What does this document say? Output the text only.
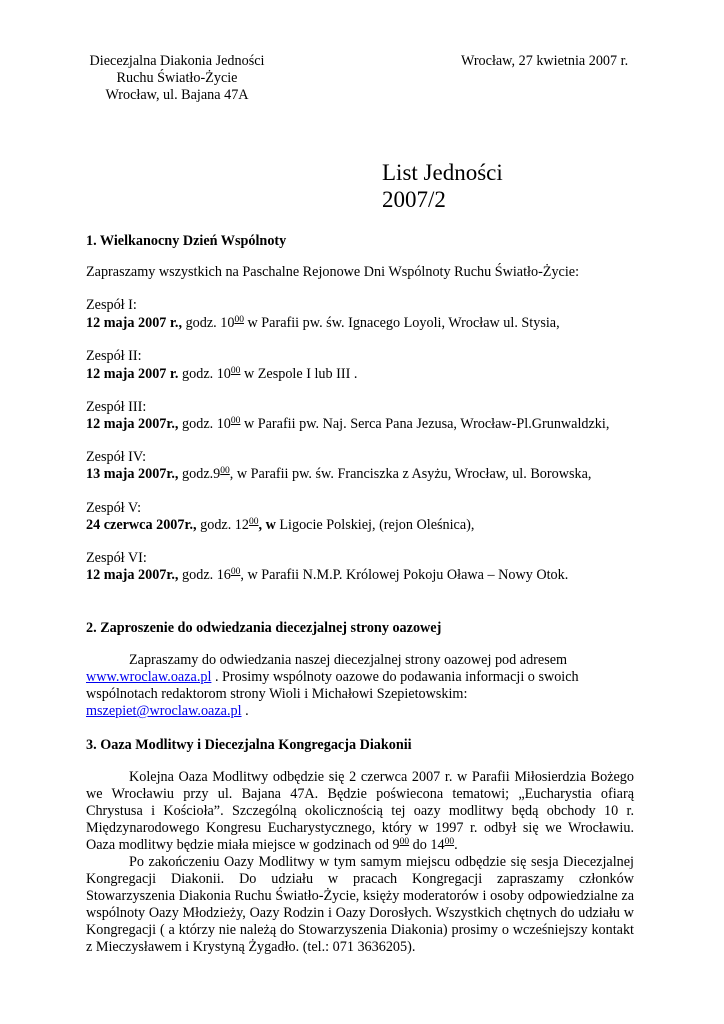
Diecezjalna Diakonia Jedności
Ruchu Światło-Życie
Wrocław, ul. Bajana 47A
Wrocław, 27 kwietnia 2007 r.
List Jedności
2007/2
1. Wielkanocny Dzień Wspólnoty
Zapraszamy wszystkich na Paschalne Rejonowe Dni Wspólnoty Ruchu Światło-Życie:
Zespół I:
12 maja 2007 r., godz. $10^{00}$ w Parafii pw. św. Ignacego Loyoli, Wrocław ul. Stysia,
Zespół II:
12 maja 2007 r. godz. $10^{00}$ w Zespole I lub III .
Zespół III:
12 maja 2007r., godz. $10^{00}$ w Parafii pw. Naj. Serca Pana Jezusa, Wrocław-Pl.Grunwaldzki,
Zespół IV:
13 maja 2007r., $godz.9^{00}$, w Parafii pw. św. Franciszka z Asyżu, Wrocław, ul. Borowska,
Zespół V:
24 czerwca 2007r., godz. $12^{00}$, w Ligocie Polskiej, (rejon Oleśnica),
Zespół VI:
12 maja 2007r., godz. $16^{00}$, w Parafii N.M.P. Królowej Pokoju Oława – Nowy Otok.
2. Zaproszenie do odwiedzania diecezjalnej strony oazowej
Zapraszamy do odwiedzania naszej diecezjalnej strony oazowej pod adresem
www.wroclaw.oaza.pl . Prosimy wspólnoty oazowe do podawania informacji o swoich
wspólnotach redaktorom strony Wioli i Michałowi Szepietowskim:
mszepiet@wroclaw.oaza.pl .
3. Oaza Modlitwy i Diecezjalna Kongregacja Diakonii
Kolejna Oaza Modlitwy odbędzie się 2 czerwca 2007 r. w Parafii Miłosierdzia Bożego we Wrocławiu przy ul. Bajana 47A. Będzie poświecona tematowi; „Eucharystia ofiarą Chrystusa i Kościoła”. Szczególną okolicznością tej oazy modlitwy będą obchody 10 r. Międzynarodowego Kongresu Eucharystycznego, który w 1997 r. odbył się we Wrocławiu. Oaza modlitwy będzie miała miejsce w godzinach od $9^{00}$ do $14^{00}$.
Po zakończeniu Oazy Modlitwy w tym samym miejscu odbędzie się sesja Diecezjalnej Kongregacji Diakonii. Do udziału w pracach Kongregacji zapraszamy członków Stowarzyszenia Diakonia Ruchu Światło-Życie, księży moderatorów i osoby odpowiedzialne za wspólnoty Oazy Młodzieży, Oazy Rodzin i Oazy Dorosłych. Wszystkich chętnych do udziału w Kongregacji ( a którzy nie należą do Stowarzyszenia Diakonia) prosimy o wcześniejszy kontakt z Mieczysławem i Krystyną Żygadło. (tel.: 071 3636205).
